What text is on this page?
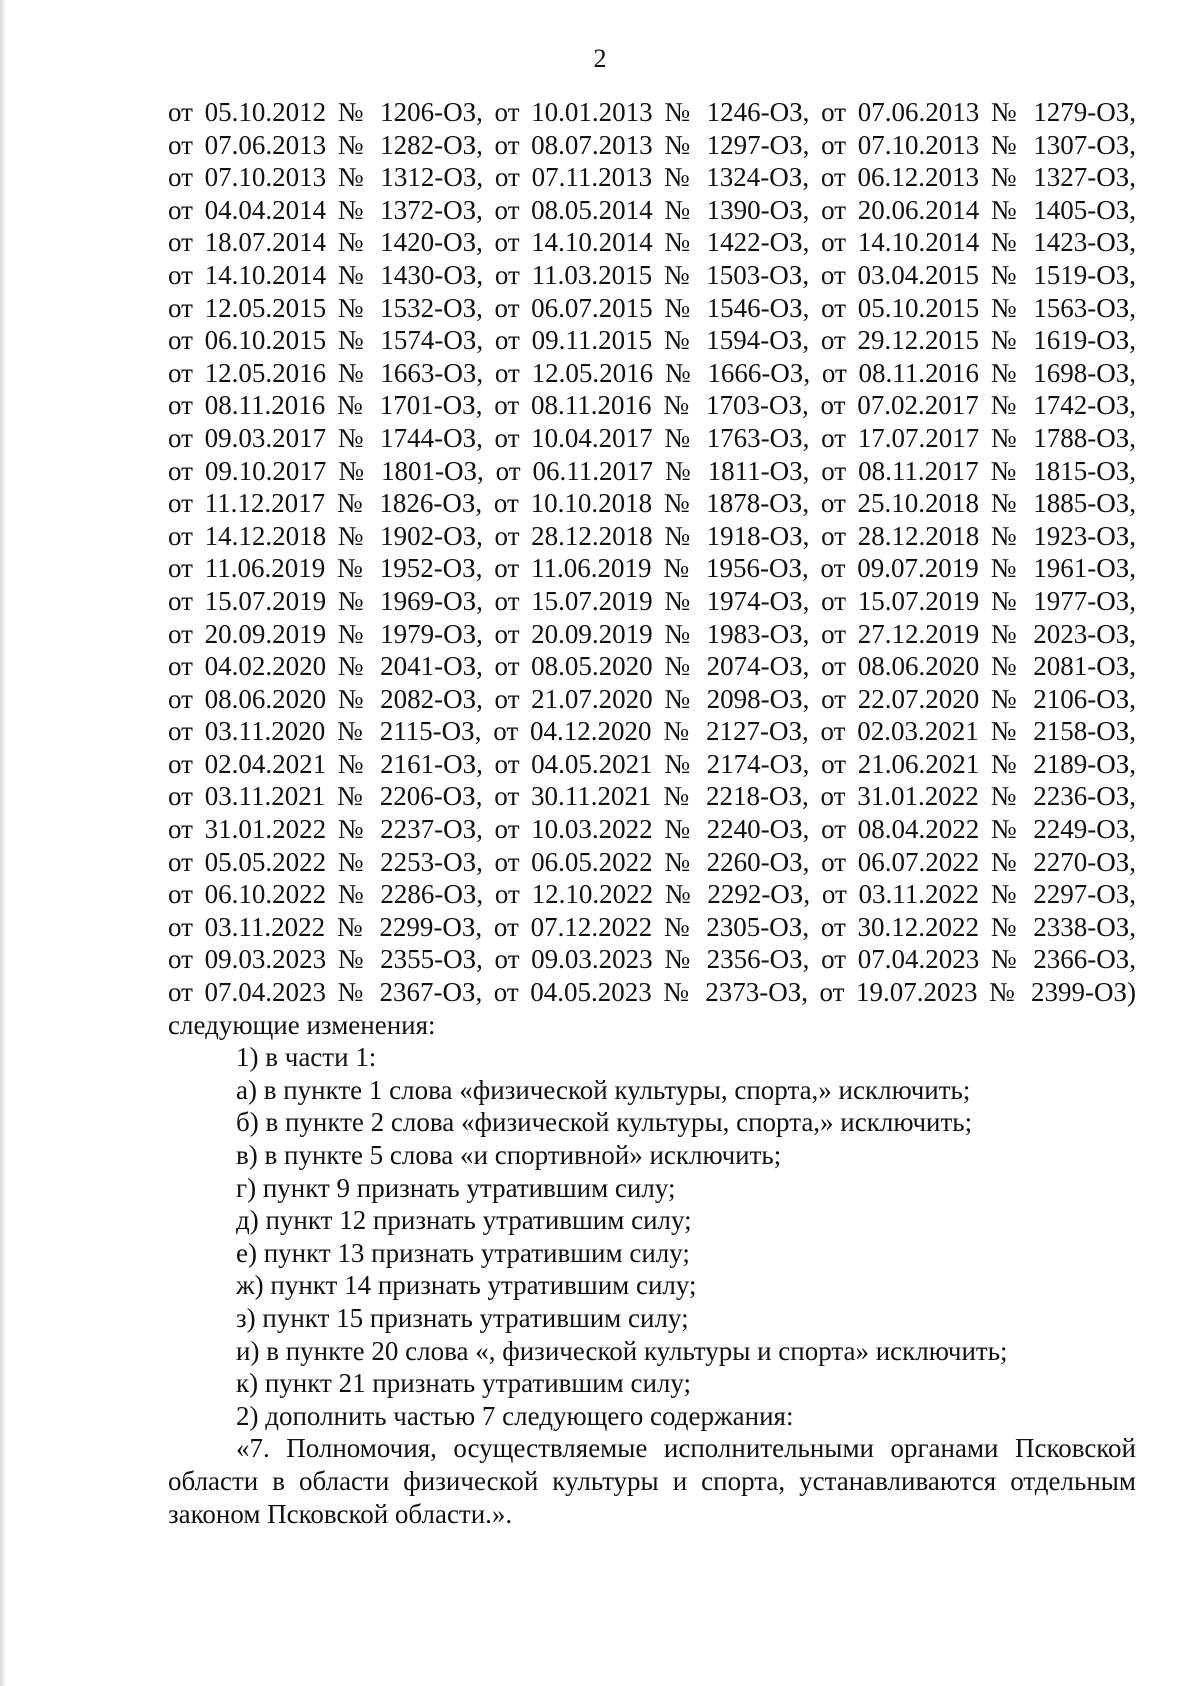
2
от 05.10.2012 № 1206-ОЗ, от 10.01.2013 № 1246-ОЗ, от 07.06.2013 № 1279-ОЗ,
от 07.06.2013 № 1282-ОЗ, от 08.07.2013 № 1297-ОЗ, от 07.10.2013 № 1307-ОЗ,
от 07.10.2013 № 1312-ОЗ, от 07.11.2013 № 1324-ОЗ, от 06.12.2013 № 1327-ОЗ,
от 04.04.2014 № 1372-ОЗ, от 08.05.2014 № 1390-ОЗ, от 20.06.2014 № 1405-ОЗ,
от 18.07.2014 № 1420-ОЗ, от 14.10.2014 № 1422-ОЗ, от 14.10.2014 № 1423-ОЗ,
от 14.10.2014 № 1430-ОЗ, от 11.03.2015 № 1503-ОЗ, от 03.04.2015 № 1519-ОЗ,
от 12.05.2015 № 1532-ОЗ, от 06.07.2015 № 1546-ОЗ, от 05.10.2015 № 1563-ОЗ,
от 06.10.2015 № 1574-ОЗ, от 09.11.2015 № 1594-ОЗ, от 29.12.2015 № 1619-ОЗ,
от 12.05.2016 № 1663-ОЗ, от 12.05.2016 № 1666-ОЗ, от 08.11.2016 № 1698-ОЗ,
от 08.11.2016 № 1701-ОЗ, от 08.11.2016 № 1703-ОЗ, от 07.02.2017 № 1742-ОЗ,
от 09.03.2017 № 1744-ОЗ, от 10.04.2017 № 1763-ОЗ, от 17.07.2017 № 1788-ОЗ,
от 09.10.2017 № 1801-ОЗ, от 06.11.2017 № 1811-ОЗ, от 08.11.2017 № 1815-ОЗ,
от 11.12.2017 № 1826-ОЗ, от 10.10.2018 № 1878-ОЗ, от 25.10.2018 № 1885-ОЗ,
от 14.12.2018 № 1902-ОЗ, от 28.12.2018 № 1918-ОЗ, от 28.12.2018 № 1923-ОЗ,
от 11.06.2019 № 1952-ОЗ, от 11.06.2019 № 1956-ОЗ, от 09.07.2019 № 1961-ОЗ,
от 15.07.2019 № 1969-ОЗ, от 15.07.2019 № 1974-ОЗ, от 15.07.2019 № 1977-ОЗ,
от 20.09.2019 № 1979-ОЗ, от 20.09.2019 № 1983-ОЗ, от 27.12.2019 № 2023-ОЗ,
от 04.02.2020 № 2041-ОЗ, от 08.05.2020 № 2074-ОЗ, от 08.06.2020 № 2081-ОЗ,
от 08.06.2020 № 2082-ОЗ, от 21.07.2020 № 2098-ОЗ, от 22.07.2020 № 2106-ОЗ,
от 03.11.2020 № 2115-ОЗ, от 04.12.2020 № 2127-ОЗ, от 02.03.2021 № 2158-ОЗ,
от 02.04.2021 № 2161-ОЗ, от 04.05.2021 № 2174-ОЗ, от 21.06.2021 № 2189-ОЗ,
от 03.11.2021 № 2206-ОЗ, от 30.11.2021 № 2218-ОЗ, от 31.01.2022 № 2236-ОЗ,
от 31.01.2022 № 2237-ОЗ, от 10.03.2022 № 2240-ОЗ, от 08.04.2022 № 2249-ОЗ,
от 05.05.2022 № 2253-ОЗ, от 06.05.2022 № 2260-ОЗ, от 06.07.2022 № 2270-ОЗ,
от 06.10.2022 № 2286-ОЗ, от 12.10.2022 № 2292-ОЗ, от 03.11.2022 № 2297-ОЗ,
от 03.11.2022 № 2299-ОЗ, от 07.12.2022 № 2305-ОЗ, от 30.12.2022 № 2338-ОЗ,
от 09.03.2023 № 2355-ОЗ, от 09.03.2023 № 2356-ОЗ, от 07.04.2023 № 2366-ОЗ,
от 07.04.2023 № 2367-ОЗ, от 04.05.2023 № 2373-ОЗ, от 19.07.2023 № 2399-ОЗ)
следующие изменения:
1) в части 1:
а) в пункте 1 слова «физической культуры, спорта,» исключить;
б) в пункте 2 слова «физической культуры, спорта,» исключить;
в) в пункте 5 слова «и спортивной» исключить;
г) пункт 9 признать утратившим силу;
д) пункт 12 признать утратившим силу;
е) пункт 13 признать утратившим силу;
ж) пункт 14 признать утратившим силу;
з) пункт 15 признать утратившим силу;
и) в пункте 20 слова «, физической культуры и спорта» исключить;
к) пункт 21 признать утратившим силу;
2) дополнить частью 7 следующего содержания:
«7. Полномочия, осуществляемые исполнительными органами Псковской
области в области физической культуры и спорта, устанавливаются отдельным
законом Псковской области.».
